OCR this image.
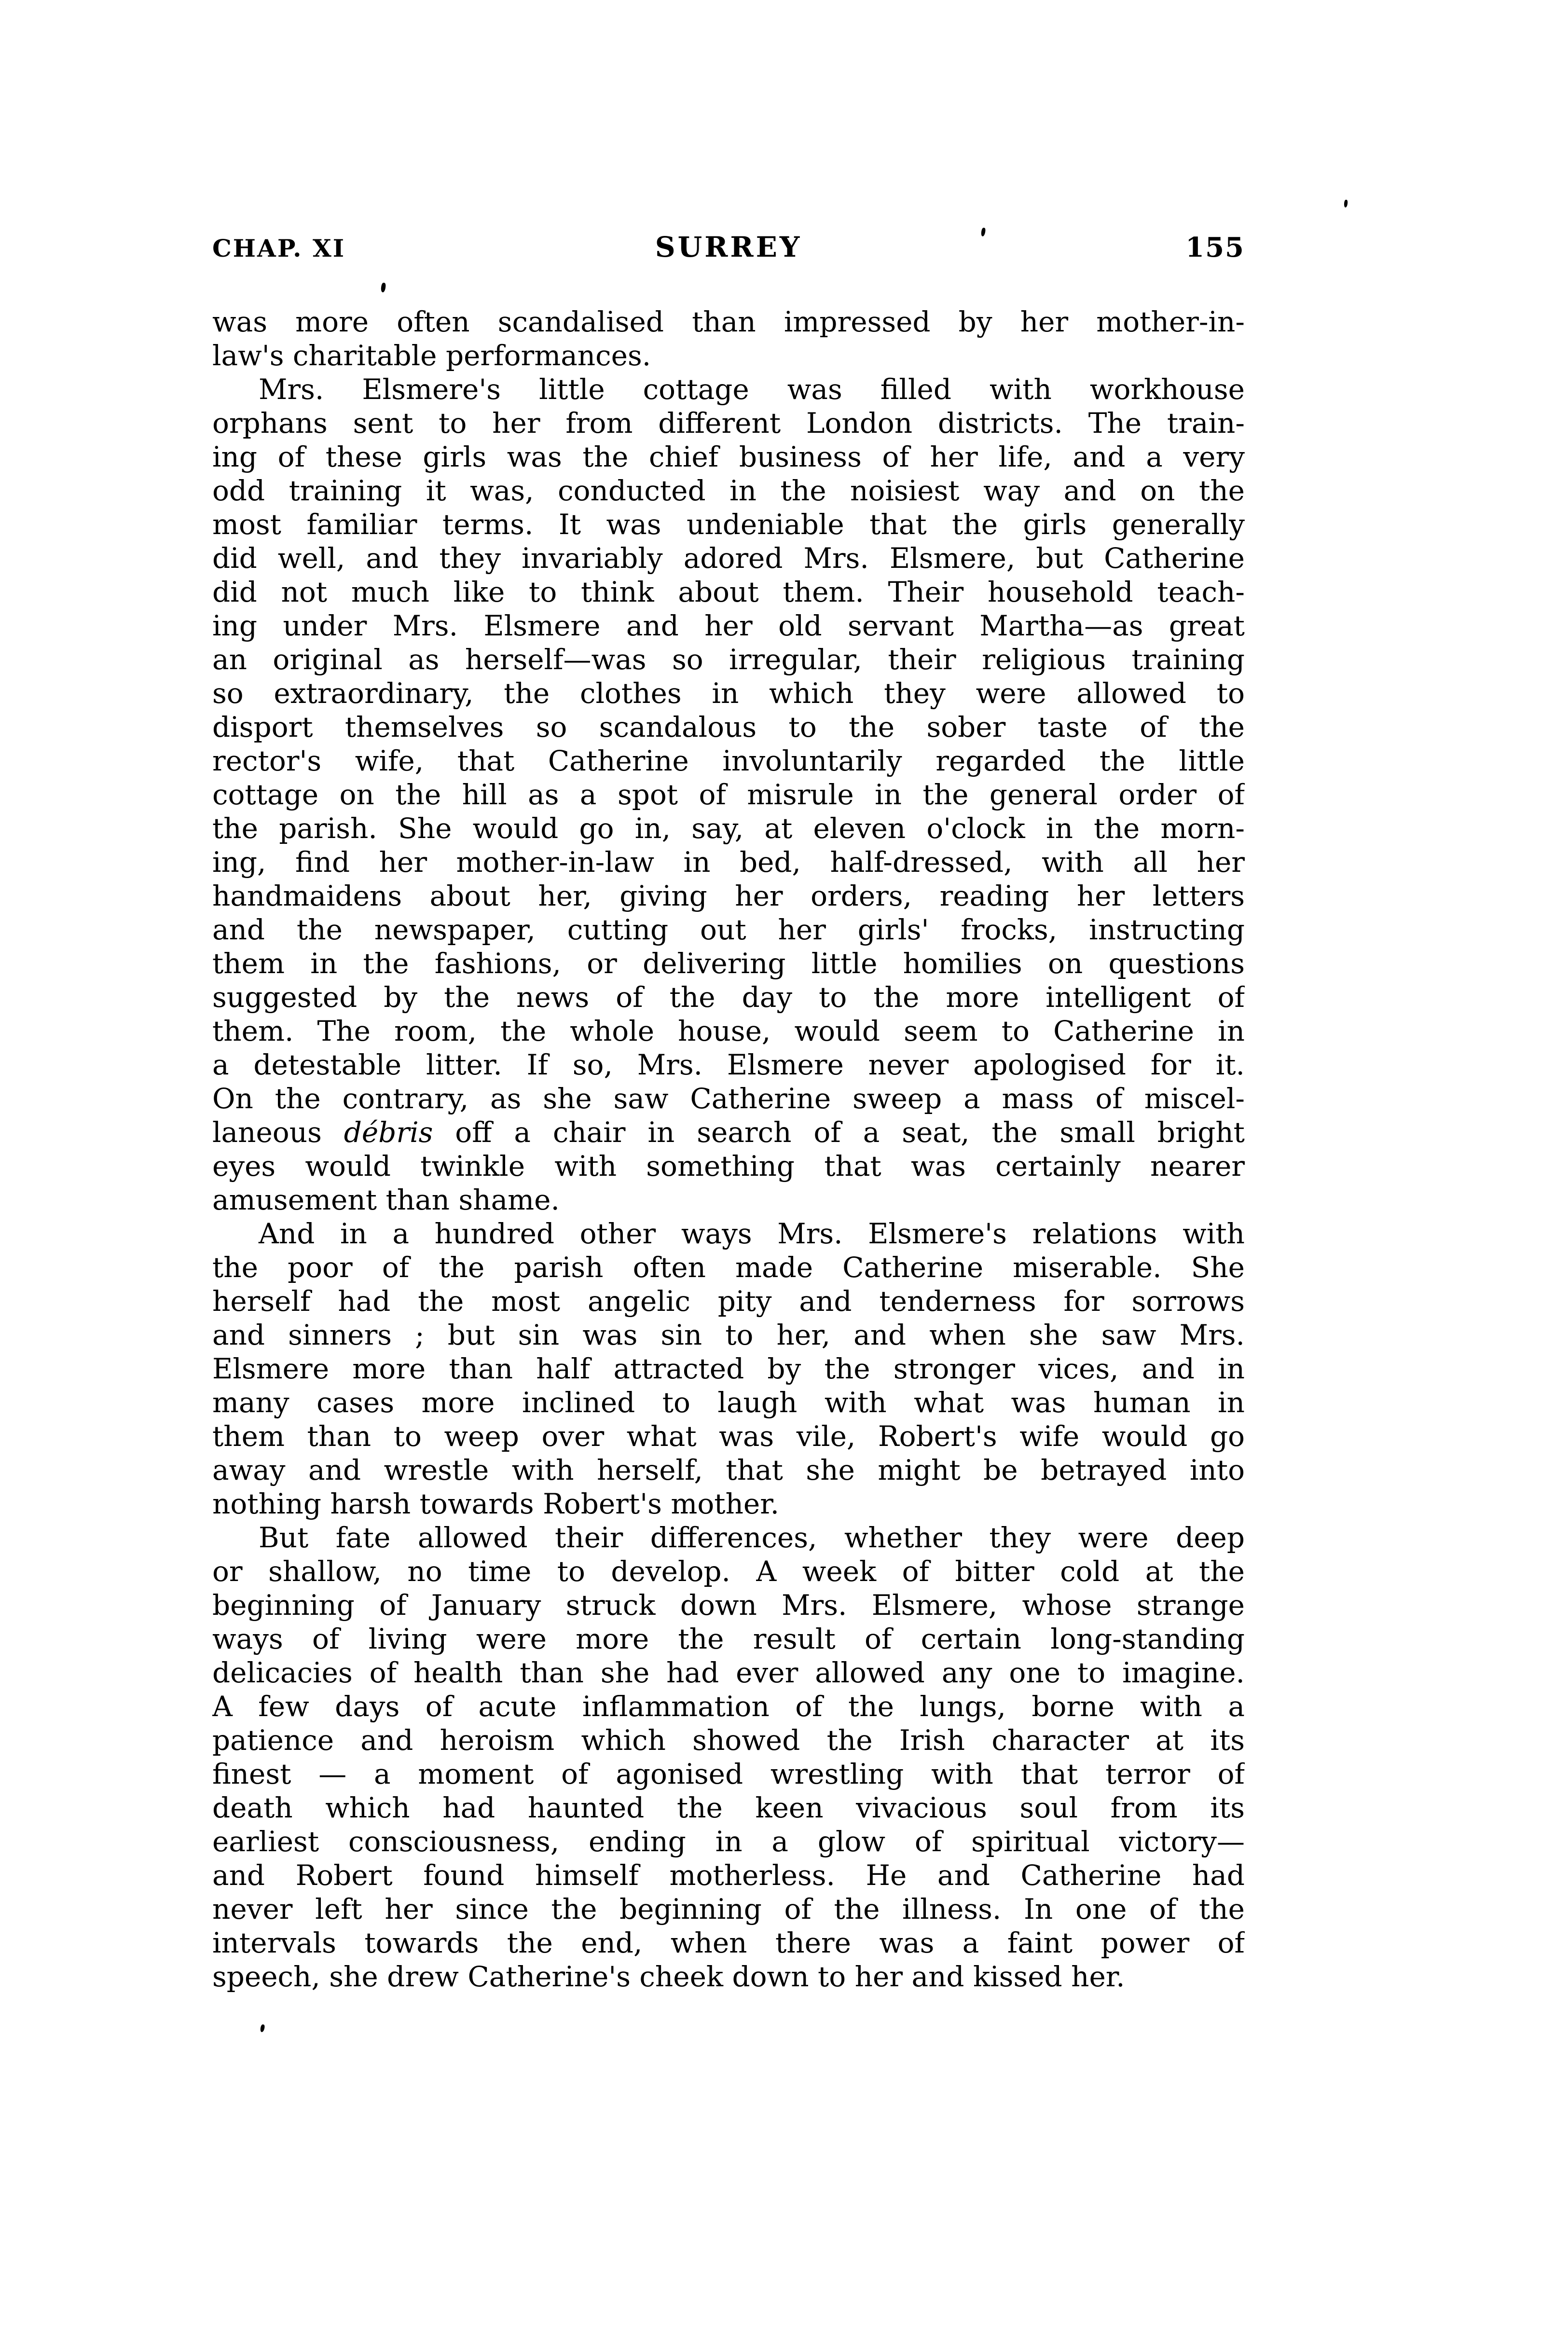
CHAP. XI	SURREY	155
was more often scandalised than impressed by her mother-in-
law's charitable performances.
Mrs. Elsmere's little cottage was filled with workhouse
orphans sent to her from different London districts. The train-
ing of these girls was the chief business of her life, and a very
odd training it was, conducted in the noisiest way and on the
most familiar terms. It was undeniable that the girls generally
did well, and they invariably adored Mrs. Elsmere, but Catherine
did not much like to think about them. Their household teach-
ing under Mrs. Elsmere and her old servant Martha—as great
an original as herself—was so irregular, their religious training
so extraordinary, the clothes in which they were allowed to
disport themselves so scandalous to the sober taste of the
rector's wife, that Catherine involuntarily regarded the little
cottage on the hill as a spot of misrule in the general order of
the parish. She would go in, say, at eleven o'clock in the morn-
ing, find her mother-in-law in bed, half-dressed, with all her
handmaidens about her, giving her orders, reading her letters
and the newspaper, cutting out her girls' frocks, instructing
them in the fashions, or delivering little homilies on questions
suggested by the news of the day to the more intelligent of
them. The room, the whole house, would seem to Catherine in
a detestable litter. If so, Mrs. Elsmere never apologised for it.
On the contrary, as she saw Catherine sweep a mass of miscel-
laneous débris off a chair in search of a seat, the small bright
eyes would twinkle with something that was certainly nearer
amusement than shame.
And in a hundred other ways Mrs. Elsmere's relations with
the poor of the parish often made Catherine miserable. She
herself had the most angelic pity and tenderness for sorrows
and sinners ; but sin was sin to her, and when she saw Mrs.
Elsmere more than half attracted by the stronger vices, and in
many cases more inclined to laugh with what was human in
them than to weep over what was vile, Robert's wife would go
away and wrestle with herself, that she might be betrayed into
nothing harsh towards Robert's mother.
But fate allowed their differences, whether they were deep
or shallow, no time to develop. A week of bitter cold at the
beginning of January struck down Mrs. Elsmere, whose strange
ways of living were more the result of certain long-standing
delicacies of health than she had ever allowed any one to imagine.
A few days of acute inflammation of the lungs, borne with a
patience and heroism which showed the Irish character at its
finest — a moment of agonised wrestling with that terror of
death which had haunted the keen vivacious soul from its
earliest consciousness, ending in a glow of spiritual victory—
and Robert found himself motherless. He and Catherine had
never left her since the beginning of the illness. In one of the
intervals towards the end, when there was a faint power of
speech, she drew Catherine's cheek down to her and kissed her.
